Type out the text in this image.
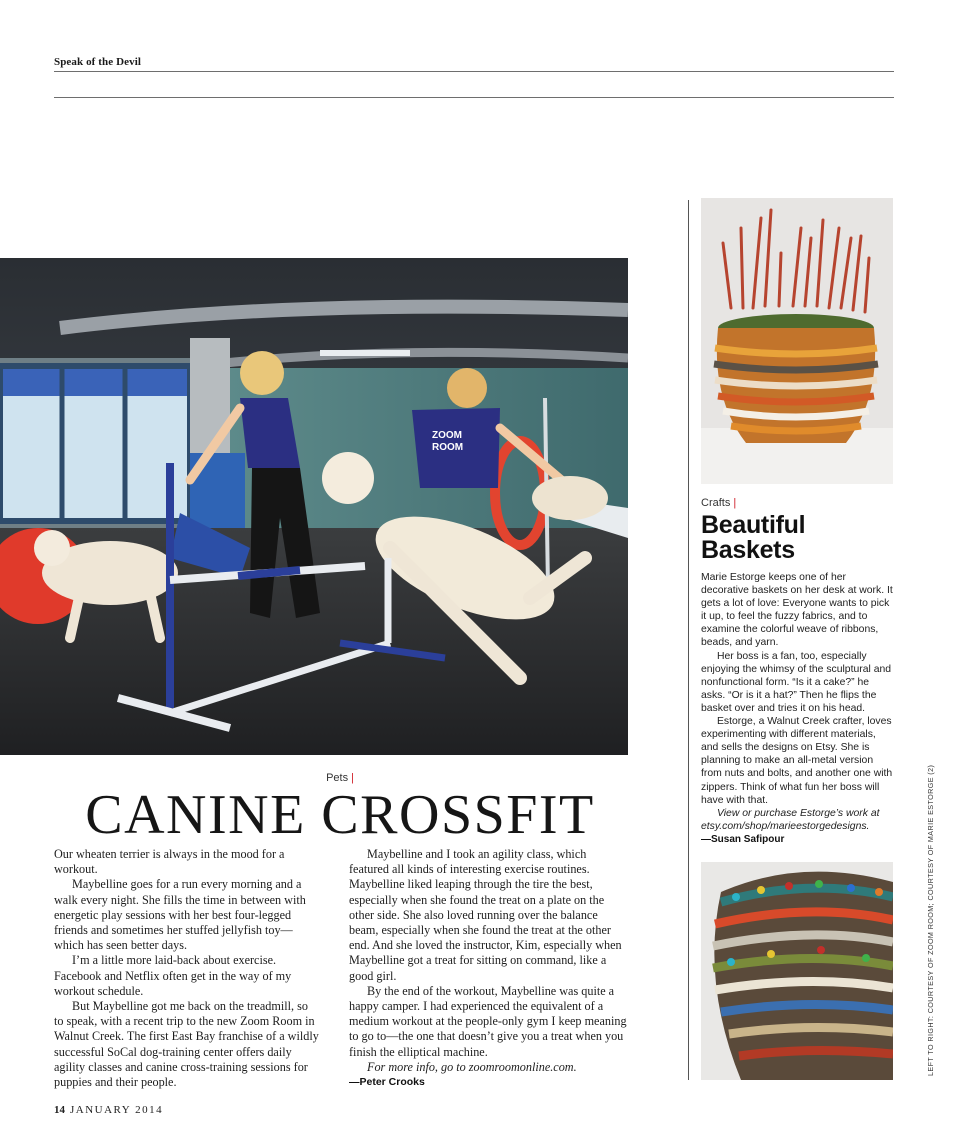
Speak of the Devil
ZOOM
ROOM
Pets |
CANINE CROSSFIT

Our wheaten terrier is always in the mood for a workout.

Maybelline goes for a run every morning and a walk every night. She fills the time in between with energetic play sessions with her best four-legged friends and sometimes her stuffed jellyfish toy—which has seen better days.

I’m a little more laid-back about exercise. Facebook and Netflix often get in the way of my workout schedule.

But Maybelline got me back on the treadmill, so to speak, with a recent trip to the new Zoom Room in Walnut Creek. The first East Bay franchise of a wildly successful SoCal dog-training center offers daily agility classes and canine cross-training sessions for puppies and their people.

Maybelline and I took an agility class, which featured all kinds of interesting exercise routines. Maybelline liked leaping through the tire the best, especially when she found the treat on a plate on the other side. She also loved running over the balance beam, especially when she found the treat at the other end. And she loved the instructor, Kim, especially when Maybelline got a treat for sitting on command, like a good girl.

By the end of the workout, Maybelline was quite a happy camper. I had experienced the equivalent of a medium workout at the people-only gym I keep meaning to go to—the one that doesn’t give you a treat when you finish the elliptical machine.

For more info, go to zoomroomonline.com.

—Peter Crooks

Crafts |
Beautiful Baskets

Marie Estorge keeps one of her decorative baskets on her desk at work. It gets a lot of love: Everyone wants to pick it up, to feel the fuzzy fabrics, and to examine the colorful weave of ribbons, beads, and yarn.

Her boss is a fan, too, especially enjoying the whimsy of the sculptural and nonfunctional form. “Is it a cake?” he asks. “Or is it a hat?” Then he flips the basket over and tries it on his head.

Estorge, a Walnut Creek crafter, loves experimenting with different materials, and sells the designs on Etsy. She is planning to make an all-metal version from nuts and bolts, and another one with zippers. Think of what fun her boss will have with that.

View or purchase Estorge’s work at etsy.com/shop/marieestorgedesigns.

—Susan Safipour	LEFT TO RIGHT: COURTESY OF ZOOM ROOM; COURTESY OF MARIE ESTORGE (2)
14 JANUARY 2014
